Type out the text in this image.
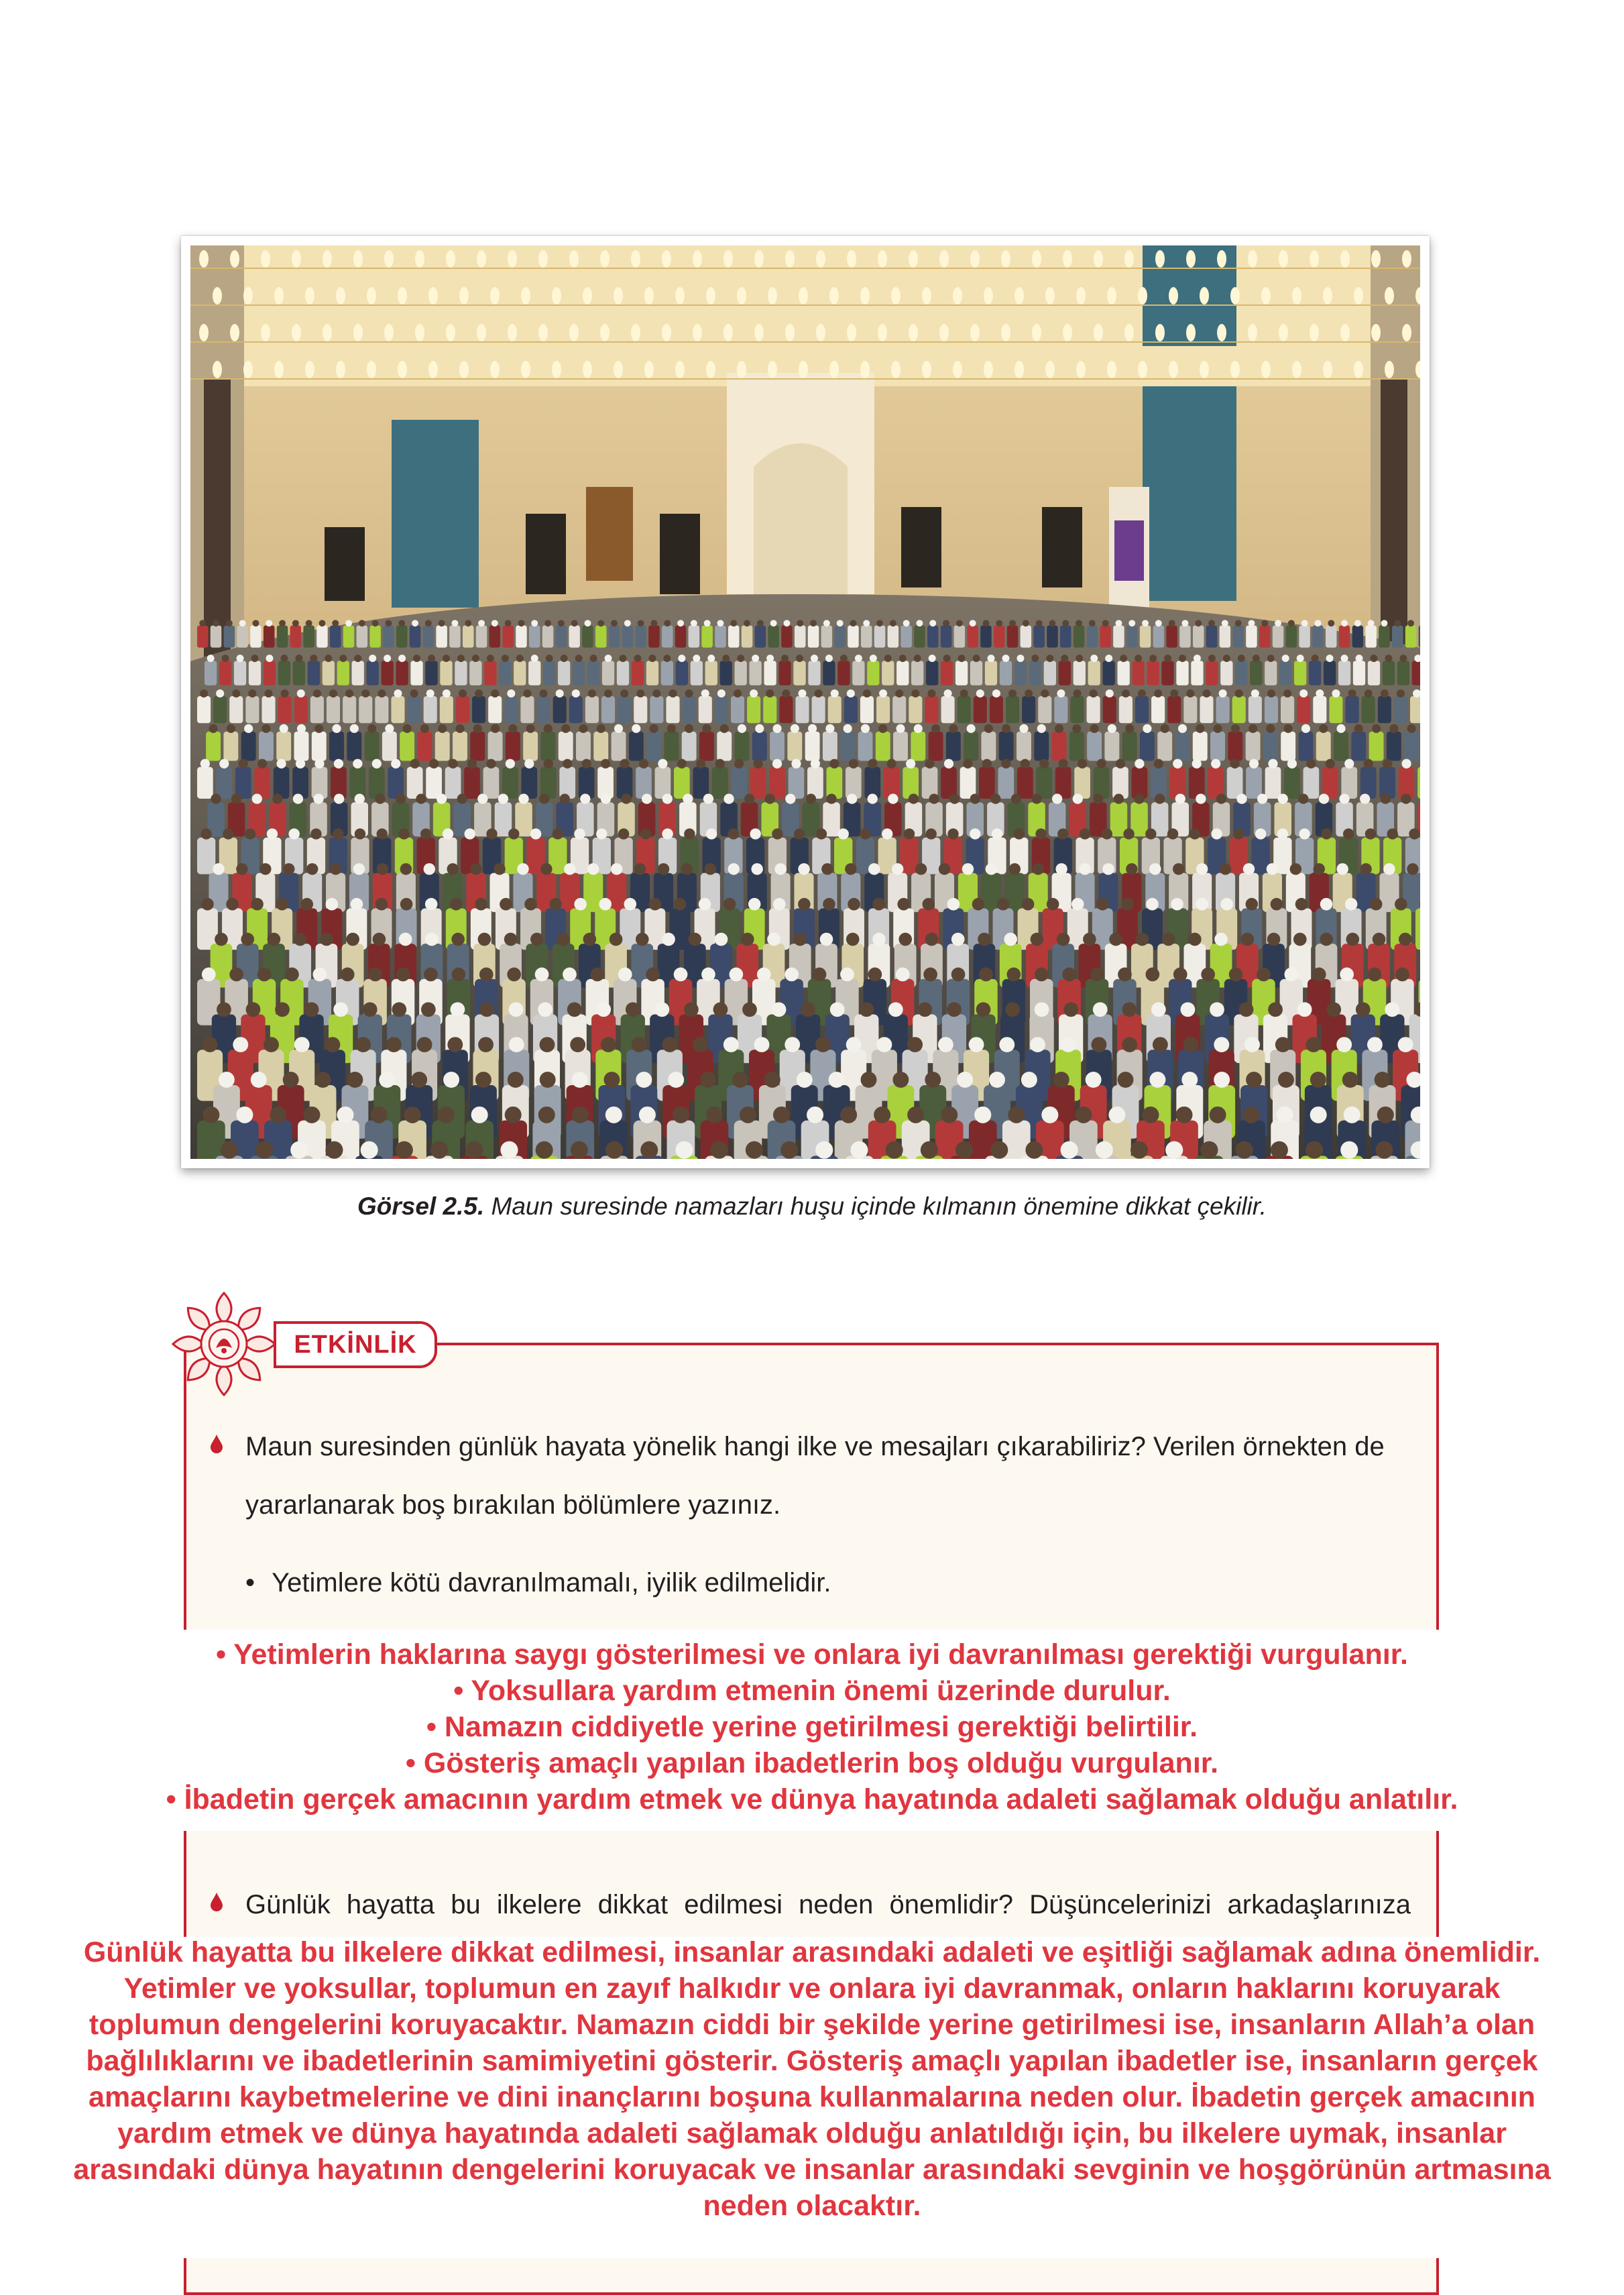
Görsel 2.5. Maun suresinde namazları huşu içinde kılmanın önemine dikkat çekilir.
ETKİNLİK
Maun suresinden günlük hayata yönelik hangi ilke ve mesajları çıkarabiliriz? Verilen örnekten de
yararlanarak boş bırakılan bölümlere yazınız.
• Yetimlere kötü davranılmamalı, iyilik edilmelidir.
• Yetimlerin haklarına saygı gösterilmesi ve onlara iyi davranılması gerektiği vurgulanır.
• Yoksullara yardım etmenin önemi üzerinde durulur.
• Namazın ciddiyetle yerine getirilmesi gerektiği belirtilir.
• Gösteriş amaçlı yapılan ibadetlerin boş olduğu vurgulanır.
• İbadetin gerçek amacının yardım etmek ve dünya hayatında adaleti sağlamak olduğu anlatılır.
Günlük hayatta bu ilkelere dikkat edilmesi neden önemlidir? Düşüncelerinizi arkadaşlarınıza
Günlük hayatta bu ilkelere dikkat edilmesi, insanlar arasındaki adaleti ve eşitliği sağlamak adına önemlidir.
Yetimler ve yoksullar, toplumun en zayıf halkıdır ve onlara iyi davranmak, onların haklarını koruyarak
toplumun dengelerini koruyacaktır. Namazın ciddi bir şekilde yerine getirilmesi ise, insanların Allah’a olan
bağlılıklarını ve ibadetlerinin samimiyetini gösterir. Gösteriş amaçlı yapılan ibadetler ise, insanların gerçek
amaçlarını kaybetmelerine ve dini inançlarını boşuna kullanmalarına neden olur. İbadetin gerçek amacının
yardım etmek ve dünya hayatında adaleti sağlamak olduğu anlatıldığı için, bu ilkelere uymak, insanlar
arasındaki dünya hayatının dengelerini koruyacak ve insanlar arasındaki sevginin ve hoşgörünün artmasına
neden olacaktır.
